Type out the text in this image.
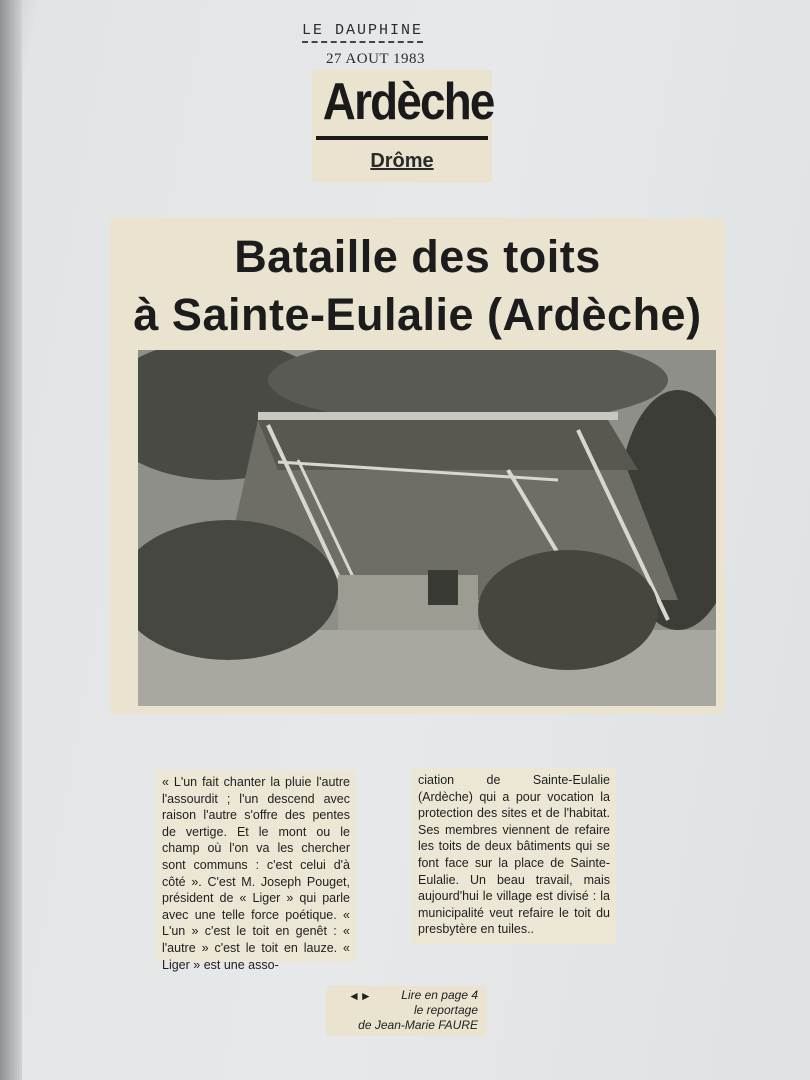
LE DAUPHINE
27 AOUT 1983
Ardèche
Drôme
Bataille des toits
à Sainte-Eulalie (Ardèche)
« L'un fait chanter la pluie l'autre l'assourdit ; l'un descend avec raison l'autre s'offre des pentes de vertige. Et le mont ou le champ où l'on va les chercher sont communs : c'est celui d'à côté ». C'est M. Joseph Pouget, président de « Liger » qui parle avec une telle force poétique. « L'un » c'est le toit en genêt : « l'autre » c'est le toit en lauze. « Liger » est une asso-
ciation de Sainte-Eulalie (Ardèche) qui a pour vocation la protection des sites et de l'habitat. Ses membres viennent de refaire les toits de deux bâtiments qui se font face sur la place de Sainte-Eulalie. Un beau travail, mais aujourd'hui le village est divisé : la municipalité veut refaire le toit du presbytère en tuiles..
◄► Lire en page 4
le reportage
de Jean-Marie FAURE
